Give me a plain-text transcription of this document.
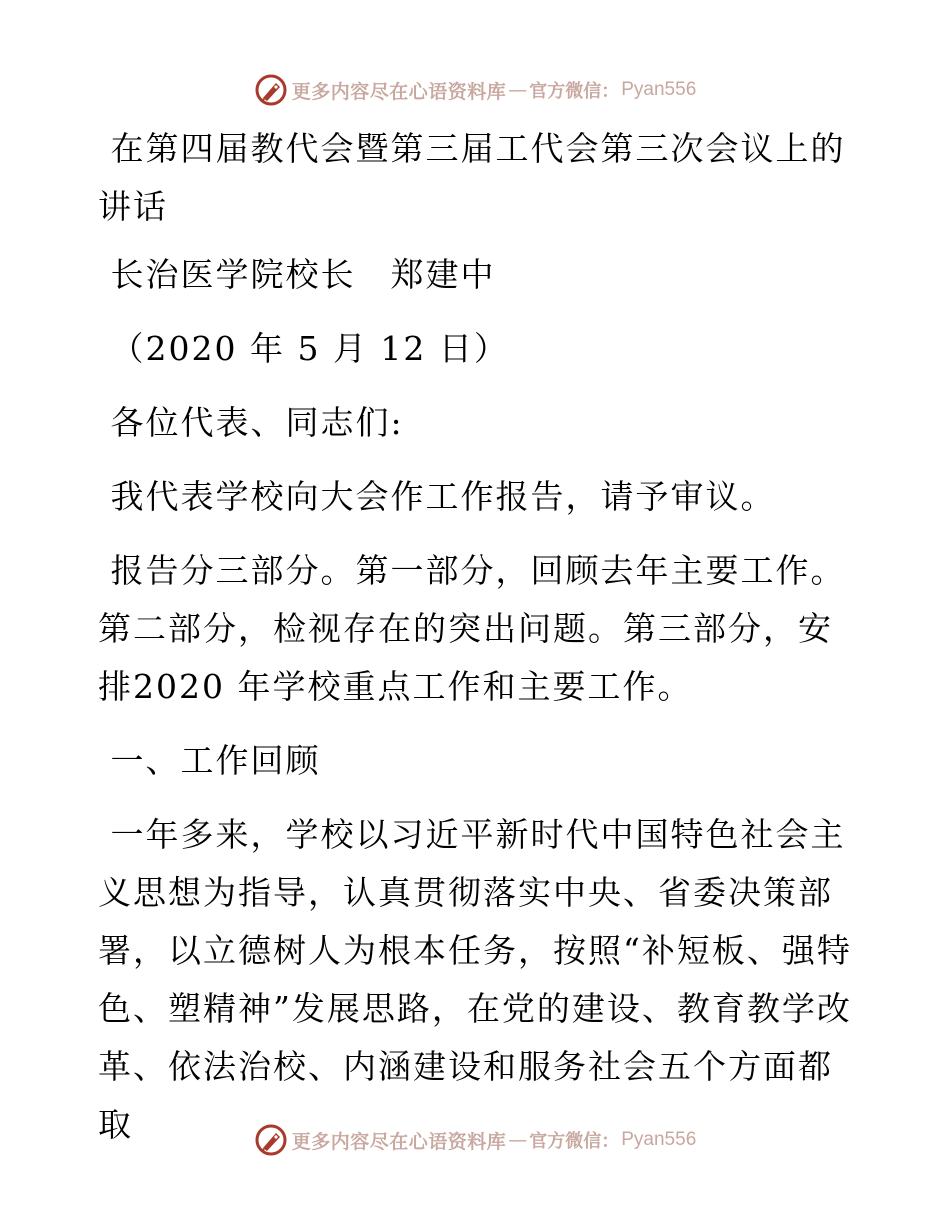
更多内容尽在心语资料库 — 官方微信： Pyan556

在第四届教代会暨第三届工代会第三次会议上的讲话

长治医学院校长　郑建中

（2020 年 5 月 12 日）

各位代表、同志们:

我代表学校向大会作工作报告，请予审议。

报告分三部分。第一部分，回顾去年主要工作。第二部分，检视存在的突出问题。第三部分，安排2020 年学校重点工作和主要工作。

一、工作回顾

一年多来，学校以习近平新时代中国特色社会主义思想为指导，认真贯彻落实中央、省委决策部署，以立德树人为根本任务，按照“补短板、强特色、塑精神”发展思路，在党的建设、教育教学改革、依法治校、内涵建设和服务社会五个方面都取	更多内容尽在心语资料库 — 官方微信： Pyan556
